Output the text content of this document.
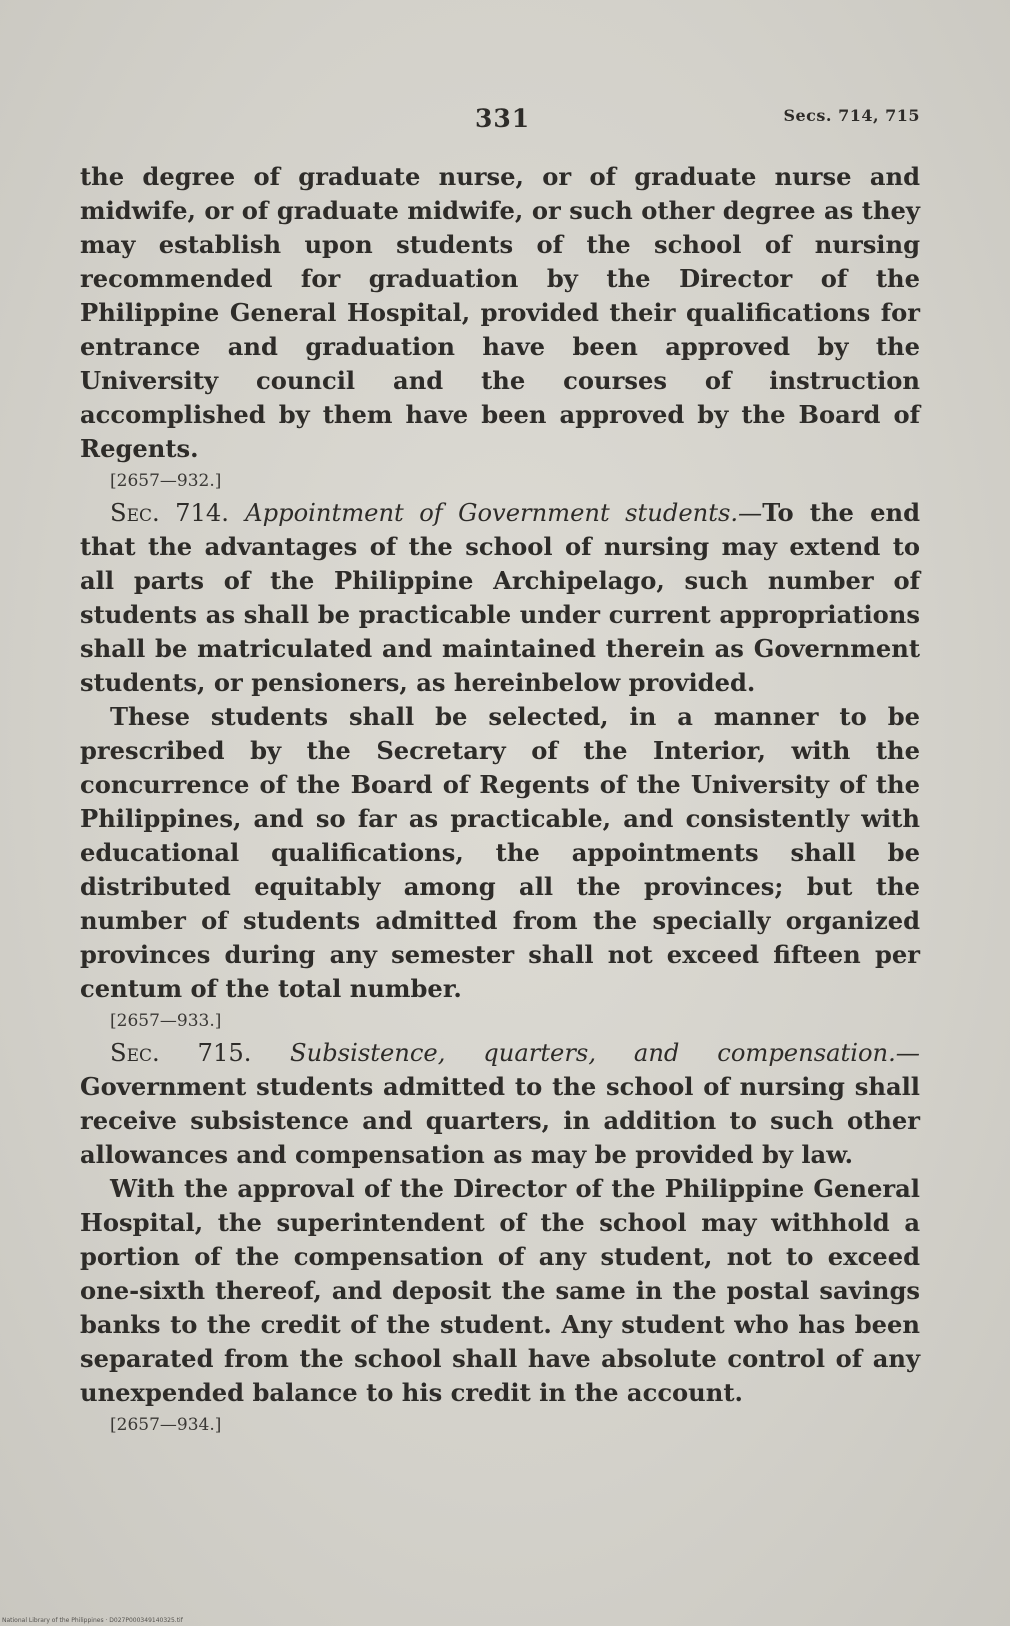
331	Secs. 714, 715

the degree of graduate nurse, or of graduate nurse and midwife, or of graduate midwife, or such other degree as they may establish upon students of the school of nursing recommended for graduation by the Director of the Philippine General Hospital, provided their qualifications for entrance and graduation have been approved by the University council and the courses of instruction accomplished by them have been approved by the Board of Regents.

[2657—932.]

Sec. 714. Appointment of Government students.—To the end that the advantages of the school of nursing may extend to all parts of the Philippine Archipelago, such number of students as shall be practicable under current appropriations shall be matriculated and maintained therein as Government students, or pensioners, as hereinbelow provided.

These students shall be selected, in a manner to be prescribed by the Secretary of the Interior, with the concurrence of the Board of Regents of the University of the Philippines, and so far as practicable, and consistently with educational qualifications, the appointments shall be distributed equitably among all the provinces; but the number of students admitted from the specially organized provinces during any semester shall not exceed fifteen per centum of the total number.

[2657—933.]

Sec. 715. Subsistence, quarters, and compensation.— Government students admitted to the school of nursing shall receive subsistence and quarters, in addition to such other allowances and compensation as may be provided by law.

With the approval of the Director of the Philippine General Hospital, the superintendent of the school may withhold a portion of the compensation of any student, not to exceed one-sixth thereof, and deposit the same in the postal savings banks to the credit of the student. Any student who has been separated from the school shall have absolute control of any unexpended balance to his credit in the account.

[2657—934.]

National Library of the Philippines · D027P000349140325.tif
